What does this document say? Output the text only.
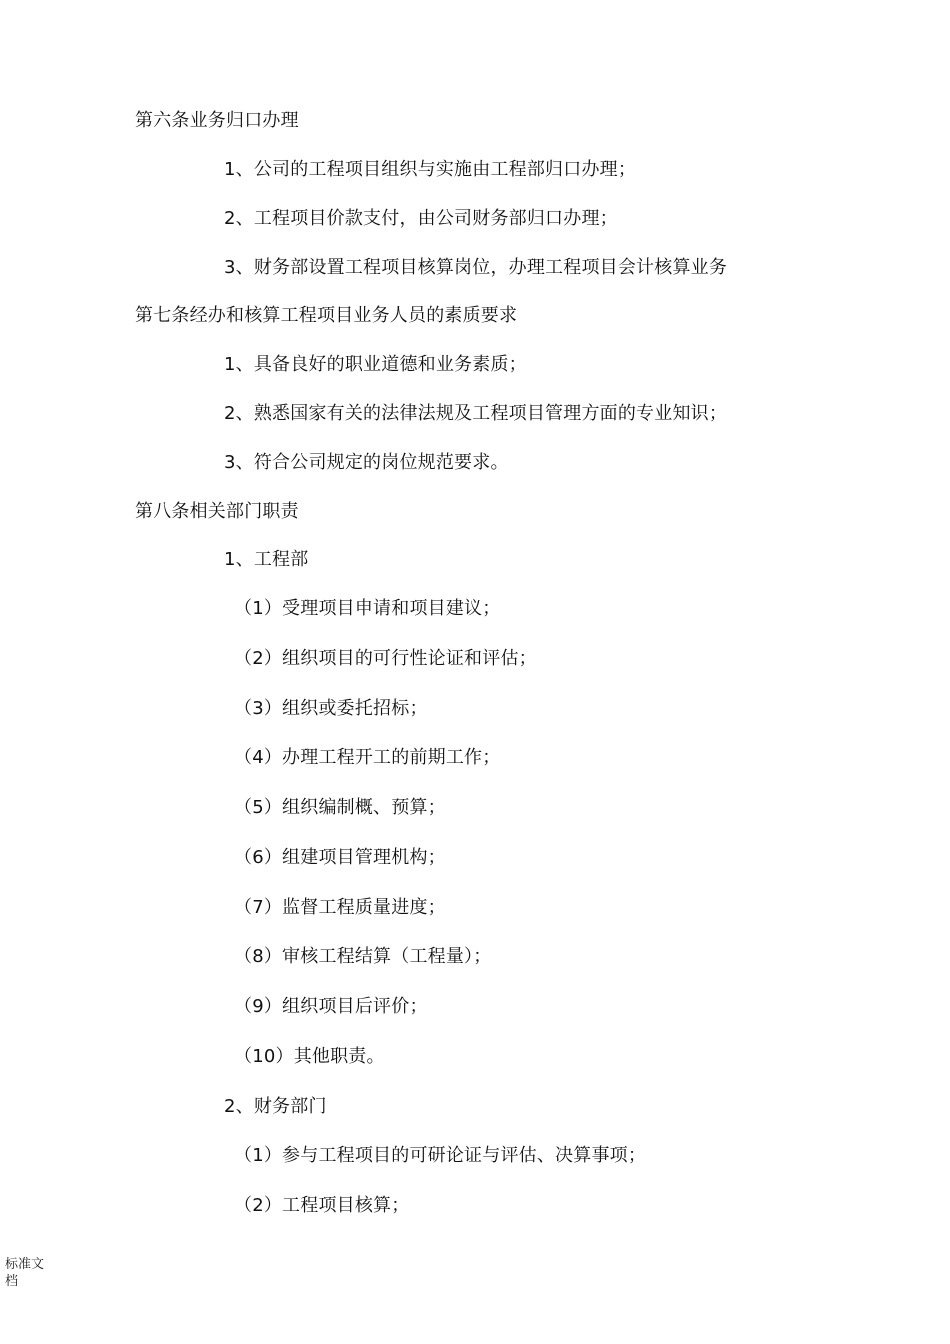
第六条业务归口办理
1、公司的工程项目组织与实施由工程部归口办理；
2、工程项目价款支付，由公司财务部归口办理；
3、财务部设置工程项目核算岗位，办理工程项目会计核算业务
第七条经办和核算工程项目业务人员的素质要求
1、具备良好的职业道德和业务素质；
2、熟悉国家有关的法律法规及工程项目管理方面的专业知识；
3、符合公司规定的岗位规范要求。
第八条相关部门职责
1、工程部
（1）受理项目申请和项目建议；
（2）组织项目的可行性论证和评估；
（3）组织或委托招标；
（4）办理工程开工的前期工作；
（5）组织编制概、预算；
（6）组建项目管理机构；
（7）监督工程质量进度；
（8）审核工程结算（工程量）；
（9）组织项目后评价；
（10）其他职责。
2、财务部门
（1）参与工程项目的可研论证与评估、决算事项；
（2）工程项目核算；
标准文档
